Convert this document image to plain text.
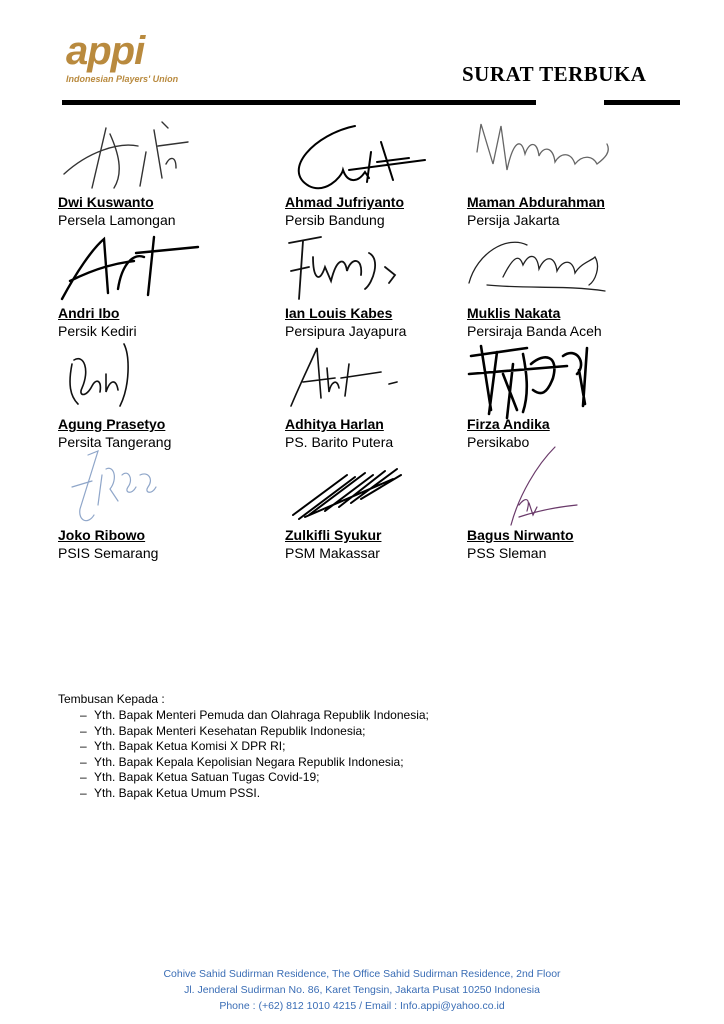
appi
Indonesian Players' Union	SURAT TERBUKA
Dwi Kuswanto
Persela Lamongan
Ahmad Jufriyanto
Persib Bandung
Maman Abdurahman
Persija Jakarta
Andri Ibo
Persik Kediri
Ian Louis Kabes
Persipura Jayapura
Muklis Nakata
Persiraja Banda Aceh
Agung Prasetyo
Persita Tangerang
Adhitya Harlan
PS. Barito Putera
Firza Andika
Persikabo
Joko Ribowo
PSIS Semarang
Zulkifli Syukur
PSM Makassar
Bagus Nirwanto
PSS Sleman
Tembusan Kepada :
– Yth. Bapak Menteri Pemuda dan Olahraga Republik Indonesia;
– Yth. Bapak Menteri Kesehatan Republik Indonesia;
– Yth. Bapak Ketua Komisi X DPR RI;
– Yth. Bapak Kepala Kepolisian Negara Republik Indonesia;
– Yth. Bapak Ketua Satuan Tugas Covid-19;
– Yth. Bapak Ketua Umum PSSI.
Cohive Sahid Sudirman Residence, The Office Sahid Sudirman Residence, 2nd Floor
Jl. Jenderal Sudirman No. 86, Karet Tengsin, Jakarta Pusat 10250 Indonesia
Phone : (+62) 812 1010 4215 / Email : Info.appi@yahoo.co.id
